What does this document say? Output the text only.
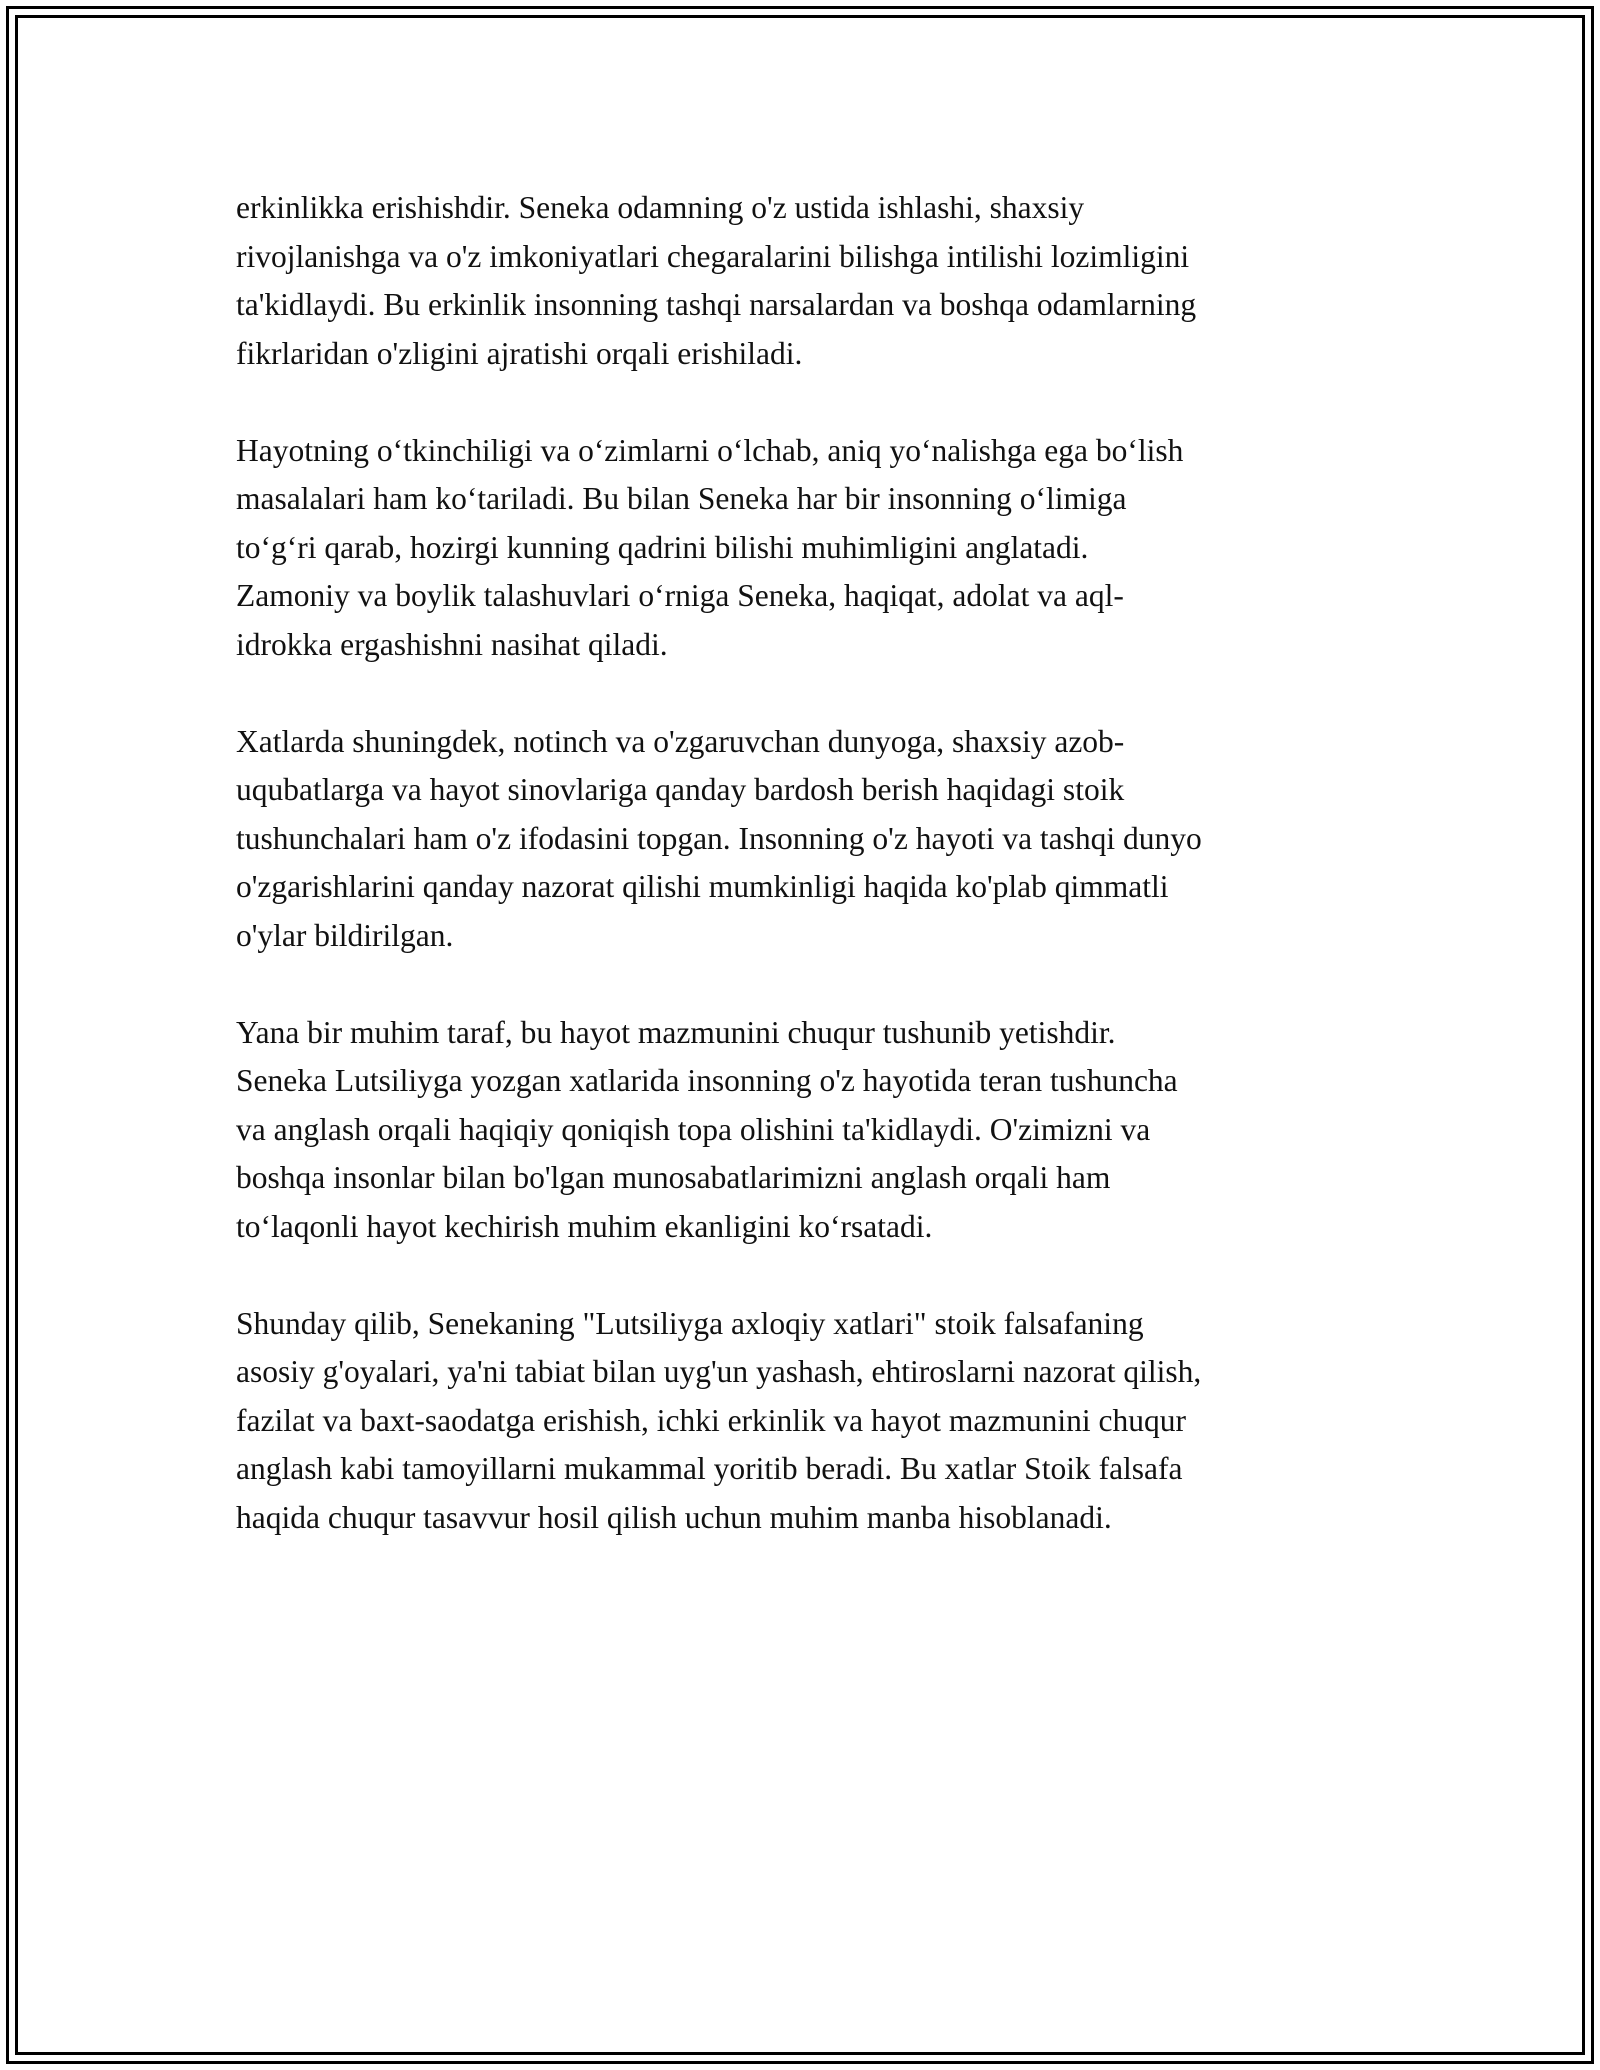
erkinlikka erishishdir. Seneka odamning o'z ustida ishlashi, shaxsiy
rivojlanishga va o'z imkoniyatlari chegaralarini bilishga intilishi lozimligini
ta'kidlaydi. Bu erkinlik insonning tashqi narsalardan va boshqa odamlarning
fikrlaridan o'zligini ajratishi orqali erishiladi.

Hayotning o‘tkinchiligi va o‘zimlarni o‘lchab, aniq yo‘nalishga ega bo‘lish
masalalari ham ko‘tariladi. Bu bilan Seneka har bir insonning o‘limiga
to‘g‘ri qarab, hozirgi kunning qadrini bilishi muhimligini anglatadi.
Zamoniy va boylik talashuvlari o‘rniga Seneka, haqiqat, adolat va aql-
idrokka ergashishni nasihat qiladi.

Xatlarda shuningdek, notinch va o'zgaruvchan dunyoga, shaxsiy azob-
uqubatlarga va hayot sinovlariga qanday bardosh berish haqidagi stoik
tushunchalari ham o'z ifodasini topgan. Insonning o'z hayoti va tashqi dunyo
o'zgarishlarini qanday nazorat qilishi mumkinligi haqida ko'plab qimmatli
o'ylar bildirilgan.

Yana bir muhim taraf, bu hayot mazmunini chuqur tushunib yetishdir.
Seneka Lutsiliyga yozgan xatlarida insonning o'z hayotida teran tushuncha
va anglash orqali haqiqiy qoniqish topa olishini ta'kidlaydi. O'zimizni va
boshqa insonlar bilan bo'lgan munosabatlarimizni anglash orqali ham
to‘laqonli hayot kechirish muhim ekanligini ko‘rsatadi.

Shunday qilib, Senekaning "Lutsiliyga axloqiy xatlari" stoik falsafaning
asosiy g'oyalari, ya'ni tabiat bilan uyg'un yashash, ehtiroslarni nazorat qilish,
fazilat va baxt-saodatga erishish, ichki erkinlik va hayot mazmunini chuqur
anglash kabi tamoyillarni mukammal yoritib beradi. Bu xatlar Stoik falsafa
haqida chuqur tasavvur hosil qilish uchun muhim manba hisoblanadi.
